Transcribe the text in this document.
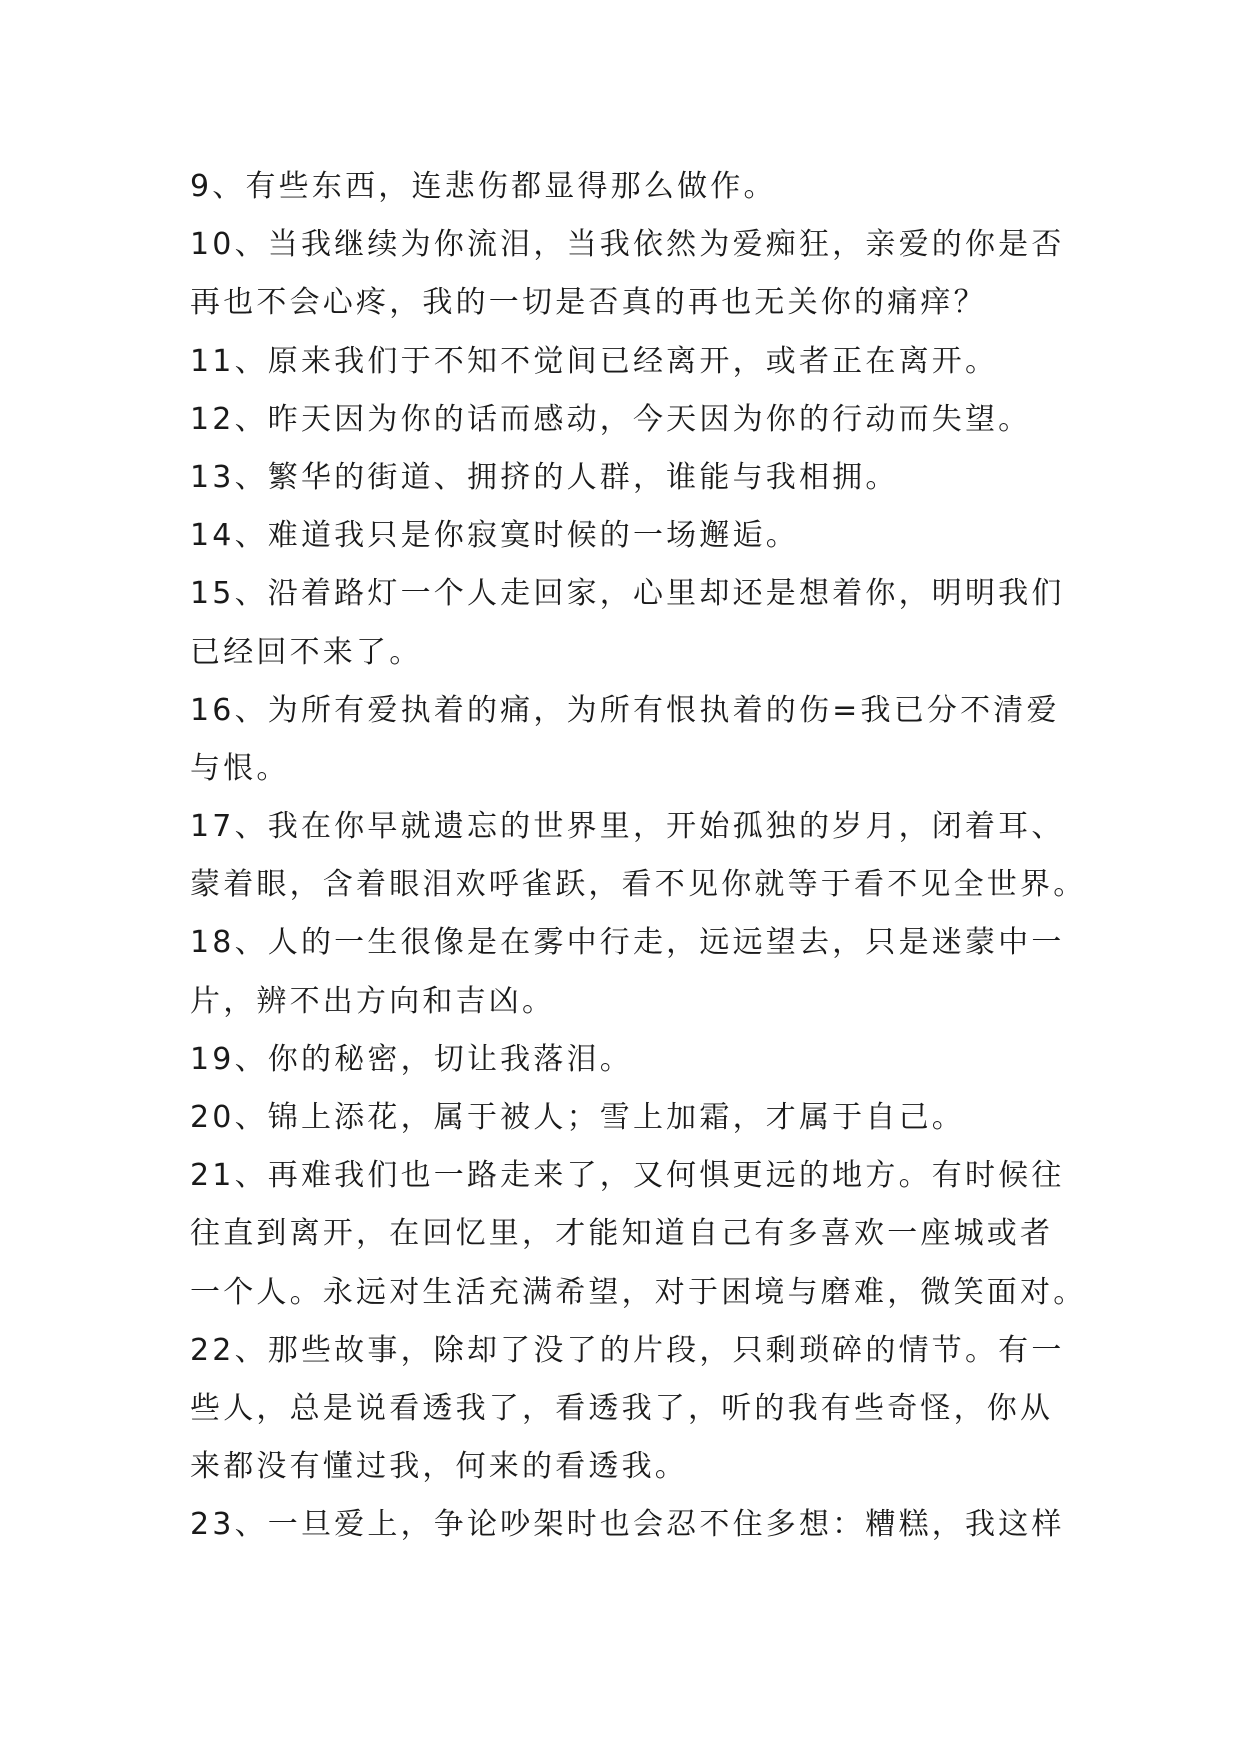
9、有些东西，连悲伤都显得那么做作。
10、当我继续为你流泪，当我依然为爱痴狂，亲爱的你是否
再也不会心疼，我的一切是否真的再也无关你的痛痒？
11、原来我们于不知不觉间已经离开，或者正在离开。
12、昨天因为你的话而感动，今天因为你的行动而失望。
13、繁华的街道、拥挤的人群，谁能与我相拥。
14、难道我只是你寂寞时候的一场邂逅。
15、沿着路灯一个人走回家，心里却还是想着你，明明我们
已经回不来了。
16、为所有爱执着的痛，为所有恨执着的伤=我已分不清爱
与恨。
17、我在你早就遗忘的世界里，开始孤独的岁月，闭着耳、
蒙着眼，含着眼泪欢呼雀跃，看不见你就等于看不见全世界。
18、人的一生很像是在雾中行走，远远望去，只是迷蒙中一
片，辨不出方向和吉凶。
19、你的秘密，切让我落泪。
20、锦上添花，属于被人；雪上加霜，才属于自己。
21、再难我们也一路走来了，又何惧更远的地方。有时候往
往直到离开，在回忆里，才能知道自己有多喜欢一座城或者
一个人。永远对生活充满希望，对于困境与磨难，微笑面对。
22、那些故事，除却了没了的片段，只剩琐碎的情节。有一
些人，总是说看透我了，看透我了，听的我有些奇怪，你从
来都没有懂过我，何来的看透我。
23、一旦爱上，争论吵架时也会忍不住多想：糟糕，我这样
